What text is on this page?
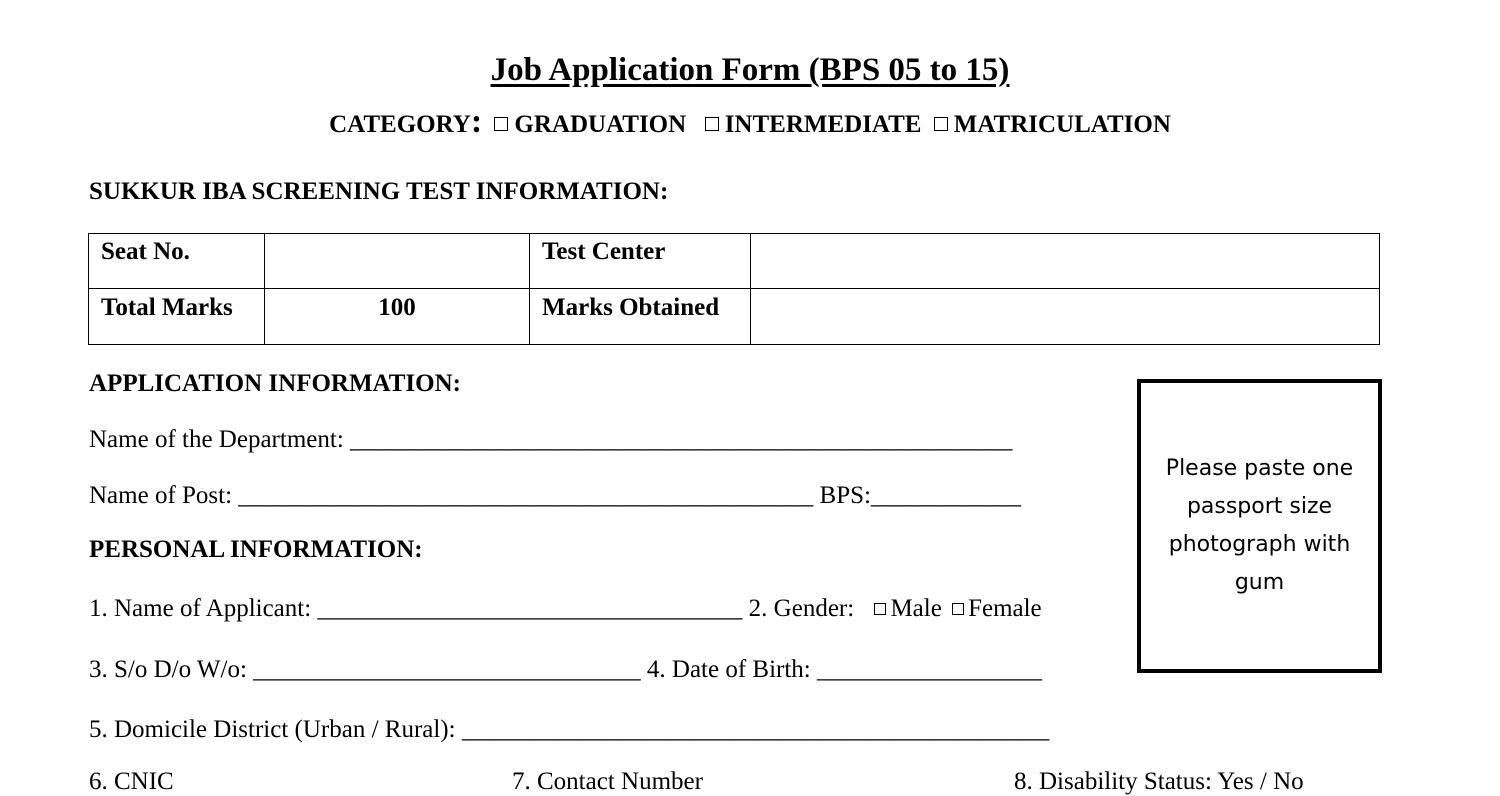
Job Application Form (BPS 05 to 15)
CATEGORY: GRADUATION INTERMEDIATE MATRICULATION
SUKKUR IBA SCREENING TEST INFORMATION:
Seat No.		Test Center	
Total Marks	100	Marks Obtained	
APPLICATION INFORMATION:
Name of the Department: _____________________________________________________
Name of Post: ______________________________________________ BPS:____________
PERSONAL INFORMATION:
1. Name of Applicant: __________________________________ 2. Gender: Male Female
3. S/o D/o W/o: _______________________________ 4. Date of Birth: __________________
5. Domicile District (Urban / Rural): _______________________________________________
6. CNIC	7. Contact Number	8. Disability Status: Yes / No
Please paste one passport size photograph with gum
